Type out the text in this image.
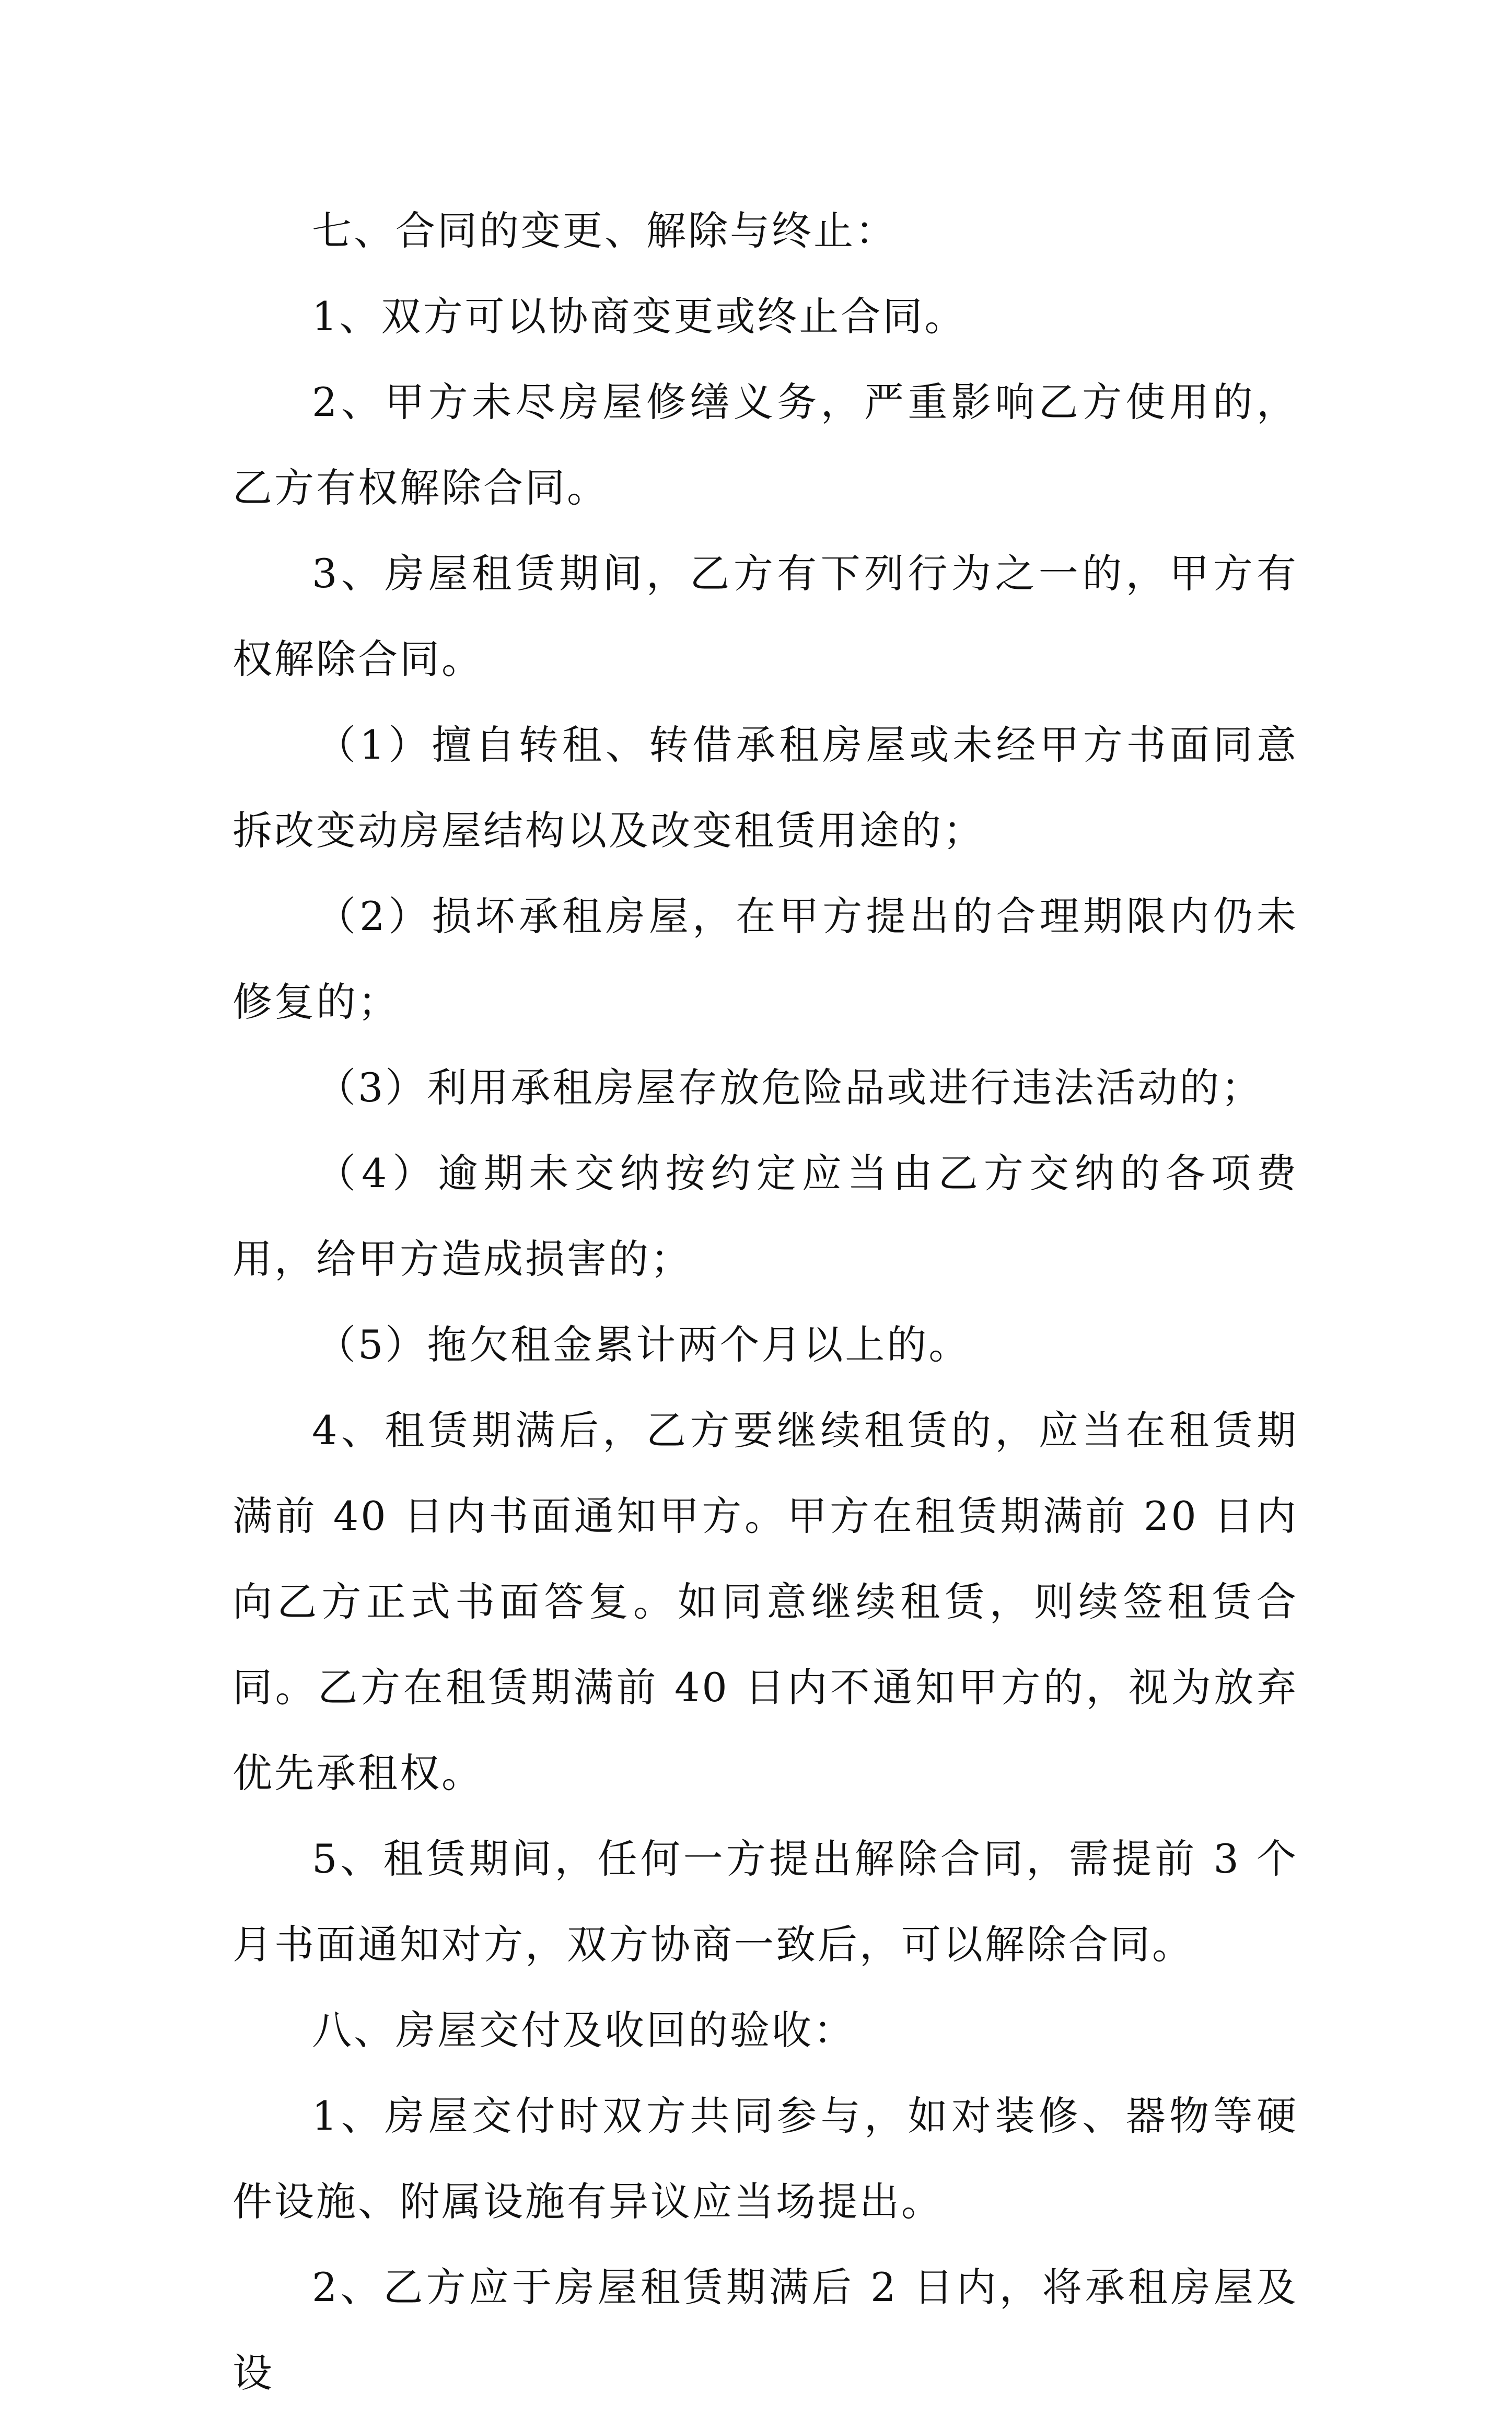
七、合同的变更、解除与终止：

1、双方可以协商变更或终止合同。

2、甲方未尽房屋修缮义务，严重影响乙方使用的，乙方有权解除合同。

3、房屋租赁期间，乙方有下列行为之一的，甲方有权解除合同。

（1）擅自转租、转借承租房屋或未经甲方书面同意拆改变动房屋结构以及改变租赁用途的；

（2）损坏承租房屋，在甲方提出的合理期限内仍未修复的；

（3）利用承租房屋存放危险品或进行违法活动的；

（4）逾期未交纳按约定应当由乙方交纳的各项费用，给甲方造成损害的；

（5）拖欠租金累计两个月以上的。

4、租赁期满后，乙方要继续租赁的，应当在租赁期满前 40 日内书面通知甲方。甲方在租赁期满前 20 日内向乙方正式书面答复。如同意继续租赁，则续签租赁合同。乙方在租赁期满前 40 日内不通知甲方的，视为放弃优先承租权。

5、租赁期间，任何一方提出解除合同，需提前 3 个月书面通知对方，双方协商一致后，可以解除合同。

八、房屋交付及收回的验收：

1、房屋交付时双方共同参与，如对装修、器物等硬件设施、附属设施有异议应当场提出。

2、乙方应于房屋租赁期满后 2 日内，将承租房屋及设
